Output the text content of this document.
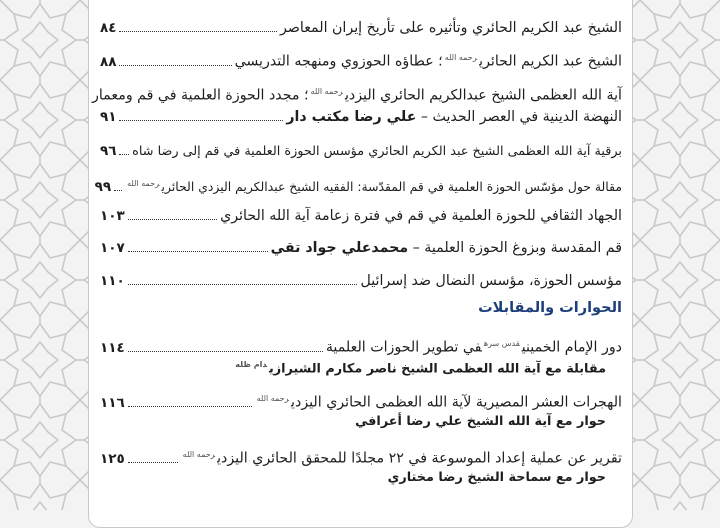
الشيخ عبد الكريم الحائري وتأثيره على تأريخ إيران المعاصر
٨٤
الشيخ عبد الكريم الحائري$^{رحمه الله}$؛ عطاؤه الحوزوي ومنهجه التدريسي
٨٨
آية الله العظمى الشيخ عبدالكريم الحائري اليزدي$^{رحمه الله}$؛ مجدد الحوزة العلمية في قم ومعمار
النهضة الدينية في العصر الحديث –

علي رضا مكتب دار
٩١
برقية آية الله العظمى الشيخ عبد الكريم الحائري مؤسس الحوزة العلمية في قم إلى رضا شاه
٩٦
مقالة حول مؤسّس الحوزة العلمية في قم المقدّسة: الفقيه الشيخ عبدالكريم اليزدي الحائري$^{رحمه الله}$
٩٩
الجهاد الثقافي للحوزة العلمية في قم في فترة زعامة آية الله الحائري
١٠٣
قم المقدسة وبزوغ الحوزة العلمية – محمدعلي جواد تقي
١٠٧
مؤسس الحوزة، مؤسس النضال ضد إسرائيل
١١٠
الحوارات والمقابلات
دور الإمام الخميني$^{قدس سره}$في تطوير الحوزات العلمية
١١٤
مقابلة مع آية الله العظمى الشيخ ناصر مكارم الشيرازي$^{دام ظله}$
الهجرات العشر المصيرية لآية الله العظمى الحائري اليزدي$^{رحمه الله}$
١١٦
حوار مع آية الله الشيخ علي رضا أعرافي
تقرير عن عملية إعداد الموسوعة في ٢٢ مجلدًا للمحقق الحائري اليزدي$^{رحمه الله}$
١٢٥
حوار مع سماحة الشيخ رضا مختاري
